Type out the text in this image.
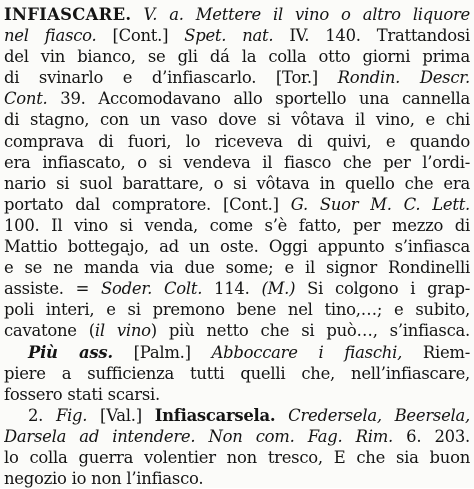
INFIASCARE. V. a. Mettere il vino o altro liquore
nel fiasco. [Cont.] Spet. nat. IV. 140. Trattandosi
del vin bianco, se gli dá la colla otto giorni prima
di svinarlo e d’infiascarlo. [Tor.] Rondin. Descr.
Cont. 39. Accomodavano allo sportello una cannella
di stagno, con un vaso dove si vôtava il vino, e chi
comprava di fuori, lo riceveva di quivi, e quando
era infiascato, o si vendeva il fiasco che per l’ordi-
nario si suol barattare, o si vôtava in quello che era
portato dal compratore. [Cont.] G. Suor M. C. Lett.
100. Il vino si venda, come s’è fatto, per mezzo di
Mattio bottegajo, ad un oste. Oggi appunto s’infiasca
e se ne manda via due some; e il signor Rondinelli
assiste. = Soder. Colt. 114. (M.) Si colgono i grap-
poli interi, e si premono bene nel tino,…; e subito,
cavatone (il vino) più netto che si può…, s’infiasca.
Più ass. [Palm.] Abboccare i fiaschi, Riem-
piere a sufficienza tutti quelli che, nell’infiascare,
fossero stati scarsi.
2. Fig. [Val.] Infiascarsela. Credersela, Beersela,
Darsela ad intendere. Non com. Fag. Rim. 6. 203.
lo colla guerra volentier non tresco, E che sia buon
negozio io non l’infiasco.
